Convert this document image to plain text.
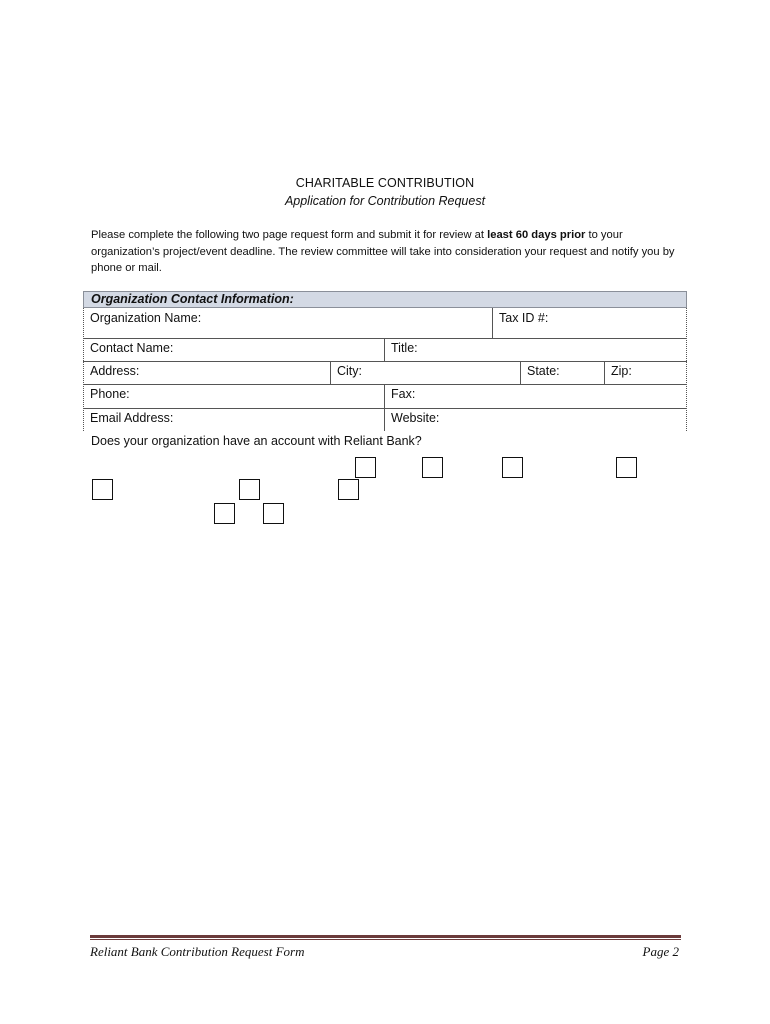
CHARITABLE CONTRIBUTION
Application for Contribution Request
Please complete the following two page request form and submit it for review at least 60 days prior to your organization’s project/event deadline. The review committee will take into consideration your request and notify you by phone or mail.
Organization Contact Information:
Organization Name:	Tax ID #:
Contact Name:	Title:
Address:	City:	State:	Zip:
Phone:	Fax:
Email Address:	Website:
Does your organization have an account with Reliant Bank?
Reliant Bank Contribution Request Form	Page 2
